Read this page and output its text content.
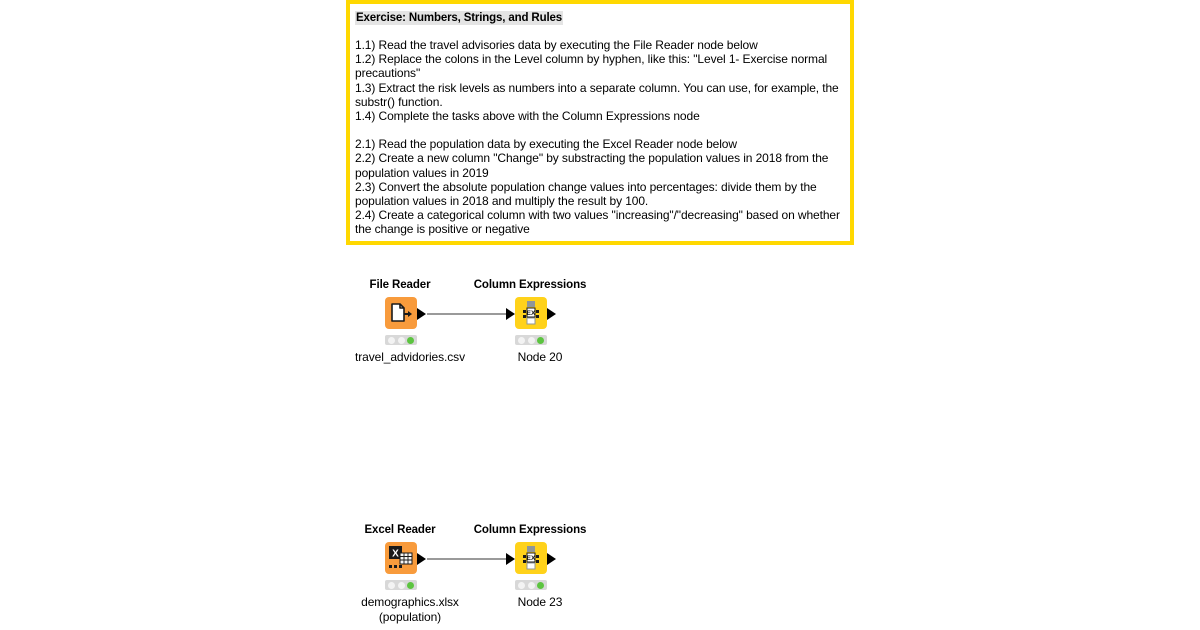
Exercise: Numbers, Strings, and Rules

1.1) Read the travel advisories data by executing the File Reader node below

1.2) Replace the colons in the Level column by hyphen, like this: "Level 1- Exercise normal precautions"

1.3) Extract the risk levels as numbers into a separate column. You can use, for example, the substr() function.

1.4) Complete the tasks above with the Column Expressions node

2.1) Read the population data by executing the Excel Reader node below

2.2) Create a new column "Change" by substracting the population values in 2018 from the population values in 2019

2.3) Convert the absolute population change values into percentages: divide them by the population values in 2018 and multiply the result by 100.

2.4) Create a categorical column with two values "increasing"/"decreasing" based on whether the change is positive or negative

File Reader
travel_advidories.csv
Column Expressions
EX
Node 20
Excel Reader
X
demographics.xlsx
(population)
Column Expressions
EX
Node 23
